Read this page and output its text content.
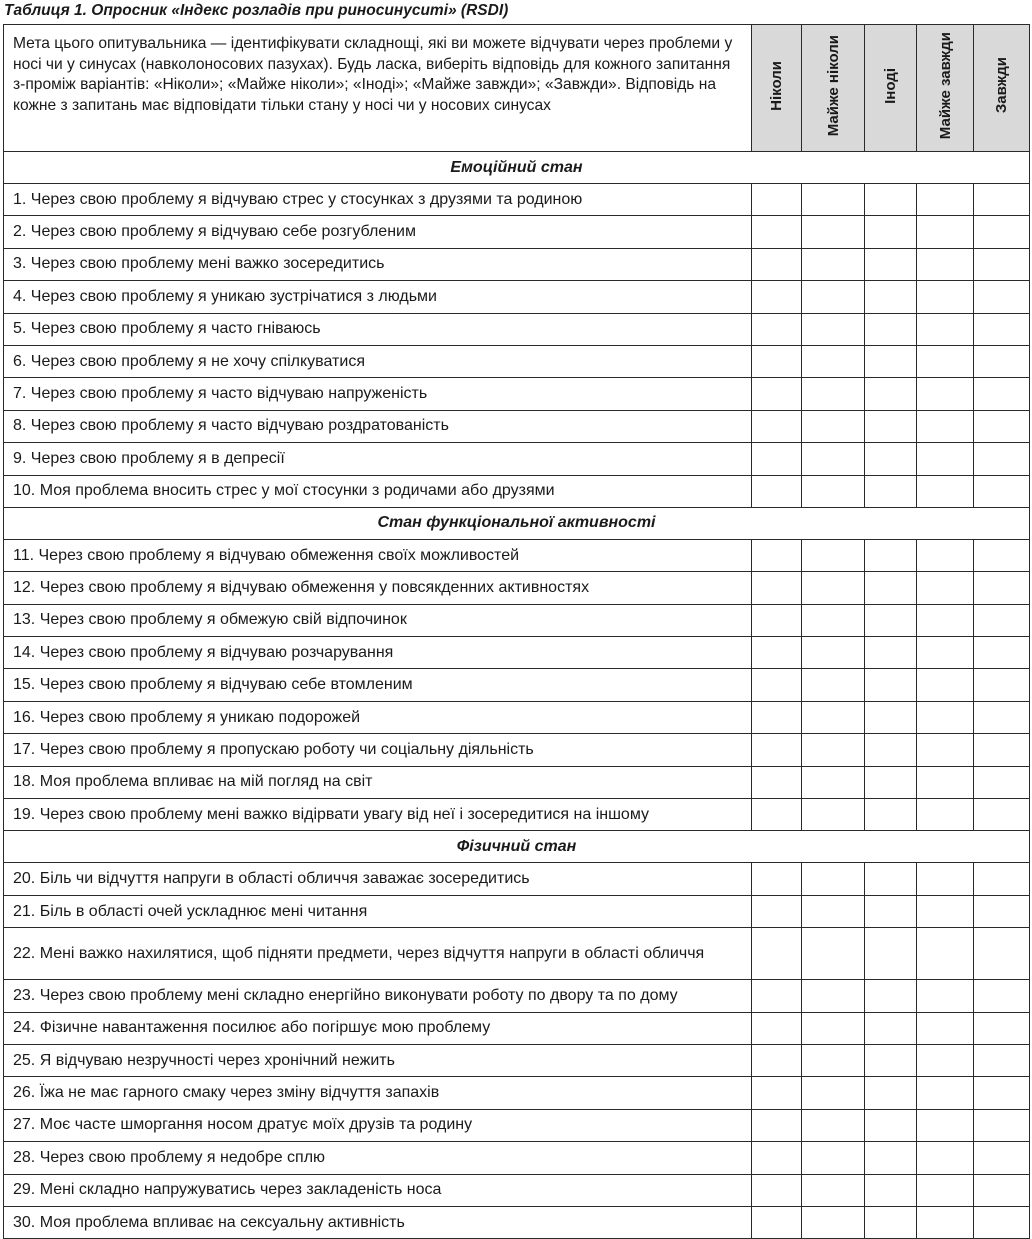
Таблиця 1. Опросник «Індекс розладів при риносинуситі» (RSDI)
Мета цього опитувальника — ідентифікувати складнощі, які ви можете відчувати через проблеми у носі чи у синусах (навколоносових пазухах). Будь ласка, виберіть відповідь для кожного запитання з-проміж варіантів: «Ніколи»; «Майже ніколи»; «Іноді»; «Майже завжди»; «Завжди». Відповідь на кожне з запитань має відповідати тільки стану у носі чи у носових синусах	Ніколи	Майже ніколи	Іноді	Майже завжди	Завжди
Емоційний стан					
1. Через свою проблему я відчуваю стрес у стосунках з друзями та родиною					
2. Через свою проблему я відчуваю себе розгубленим					
3. Через свою проблему мені важко зосередитись					
4. Через свою проблему я уникаю зустрічатися з людьми					
5. Через свою проблему я часто гніваюсь					
6. Через свою проблему я не хочу спілкуватися					
7. Через свою проблему я часто відчуваю напруженість					
8. Через свою проблему я часто відчуваю роздратованість					
9. Через свою проблему я в депресії					
10. Моя проблема вносить стрес у мої стосунки з родичами або друзями					
Стан функціональної активності					
11. Через свою проблему я відчуваю обмеження своїх можливостей					
12. Через свою проблему я відчуваю обмеження у повсякденних активностях					
13. Через свою проблему я обмежую свій відпочинок					
14. Через свою проблему я відчуваю розчарування					
15. Через свою проблему я відчуваю себе втомленим					
16. Через свою проблему я уникаю подорожей					
17. Через свою проблему я пропускаю роботу чи соціальну діяльність					
18. Моя проблема впливає на мій погляд на світ					
19. Через свою проблему мені важко відірвати увагу від неї і зосередитися на іншому					
Фізичний стан					
20. Біль чи відчуття напруги в області обличчя заважає зосередитись					
21. Біль в області очей ускладнює мені читання					
22. Мені важко нахилятися, щоб підняти предмети, через відчуття напруги в області обличчя					
23. Через свою проблему мені складно енергійно виконувати роботу по двору та по дому					
24. Фізичне навантаження посилює або погіршує мою проблему					
25. Я відчуваю незручності через хронічний нежить					
26. Їжа не має гарного смаку через зміну відчуття запахів					
27. Моє часте шморгання носом дратує моїх друзів та родину					
28. Через свою проблему я недобре сплю					
29. Мені складно напружуватись через закладеність носа					
30. Моя проблема впливає на сексуальну активність					
